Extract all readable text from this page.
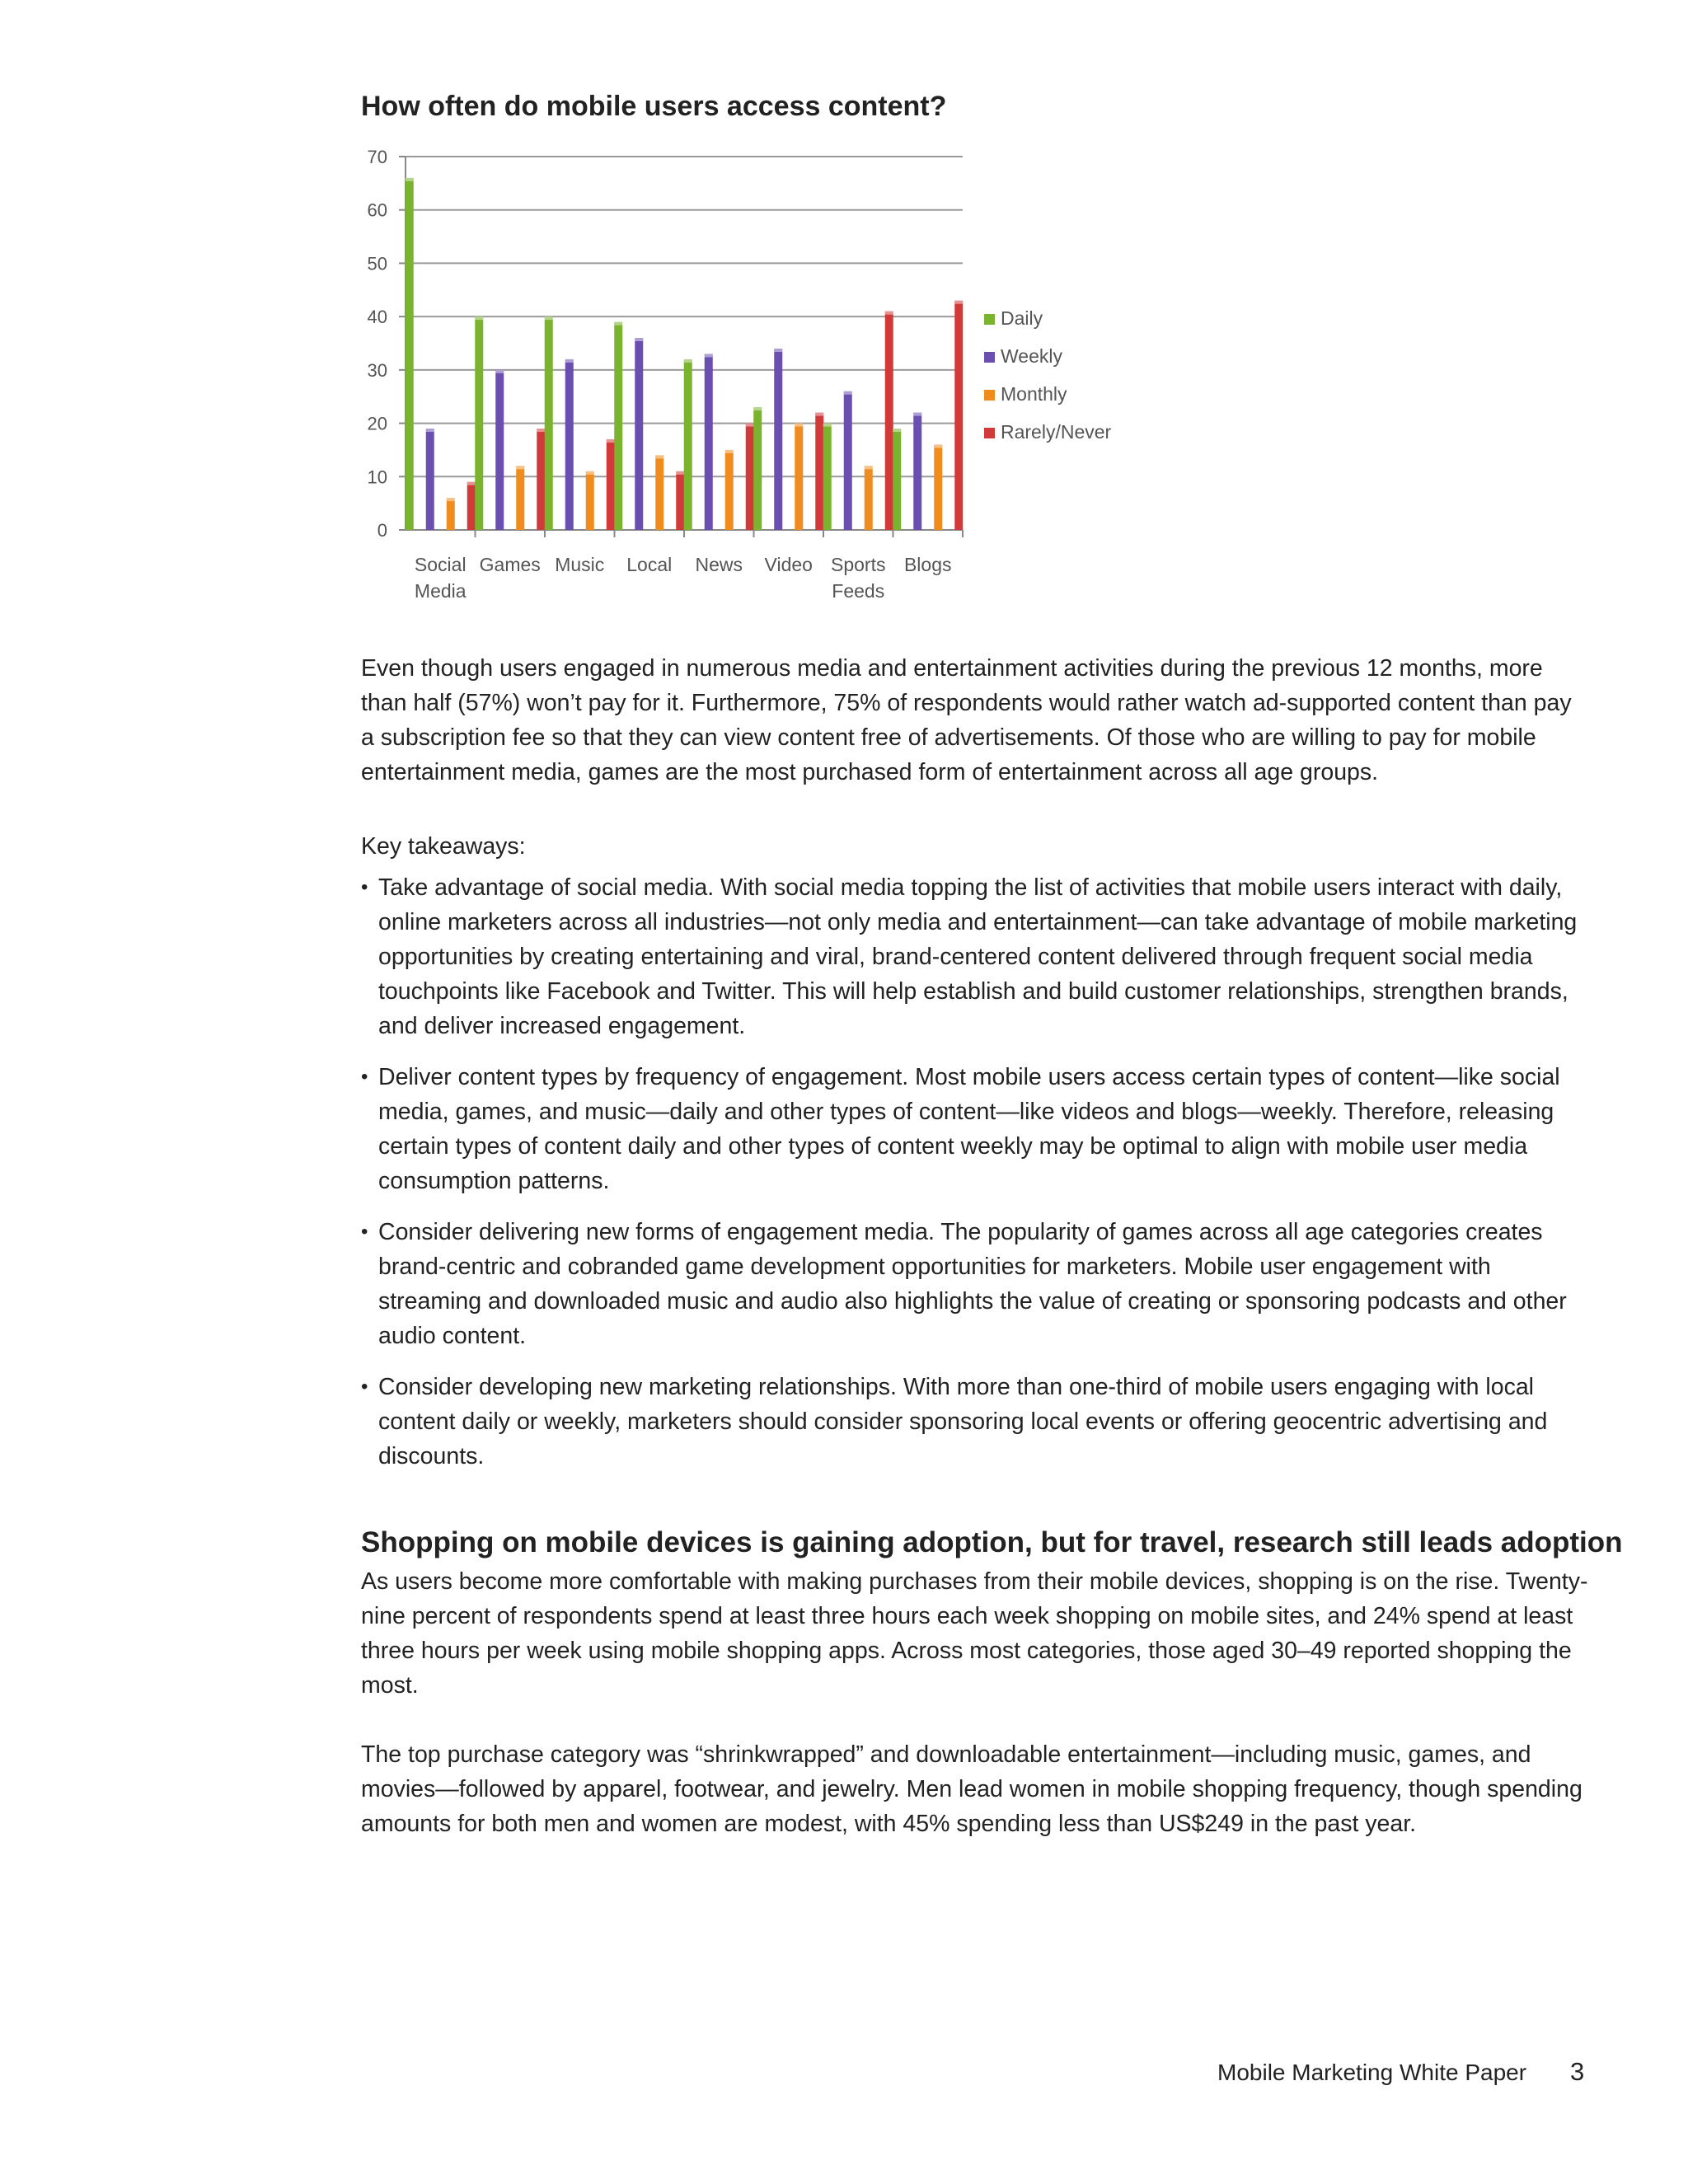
How often do mobile users access content?
0
10
20
30
40
50
60
70
Social Media
Games Music Local News Video Sports Feeds
Blogs
Daily
Weekly
Monthly
Rarely/Never

Even though users engaged in numerous media and entertainment activities during the previous 12 months, more than half (57%) won’t pay for it. Furthermore, 75% of respondents would rather watch ad-supported content than pay a subscription fee so that they can view content free of advertisements. Of those who are willing to pay for mobile entertainment media, games are the most purchased form of entertainment across all age groups.

Key takeaways:

• Take advantage of social media. With social media topping the list of activities that mobile users interact with daily, online marketers across all industries—not only media and entertainment—can take advantage of mobile marketing opportunities by creating entertaining and viral, brand-centered content delivered through frequent social media touchpoints like Facebook and Twitter. This will help establish and build customer relationships, strengthen brands, and deliver increased engagement.
• Deliver content types by frequency of engagement. Most mobile users access certain types of content—like social media, games, and music—daily and other types of content—like videos and blogs—weekly. Therefore, releasing certain types of content daily and other types of content weekly may be optimal to align with mobile user media consumption patterns.
• Consider delivering new forms of engagement media. The popularity of games across all age categories creates brand-centric and cobranded game development opportunities for marketers. Mobile user engagement with streaming and downloaded music and audio also highlights the value of creating or sponsoring podcasts and other audio content.
• Consider developing new marketing relationships. With more than one-third of mobile users engaging with local content daily or weekly, marketers should consider sponsoring local events or offering geocentric advertising and discounts.
Shopping on mobile devices is gaining adoption, but for travel, research still leads adoption

As users become more comfortable with making purchases from their mobile devices, shopping is on the rise. Twenty-nine percent of respondents spend at least three hours each week shopping on mobile sites, and 24% spend at least three hours per week using mobile shopping apps. Across most categories, those aged 30–49 reported shopping the most.

The top purchase category was “shrinkwrapped” and downloadable entertainment—including music, games, and movies—followed by apparel, footwear, and jewelry. Men lead women in mobile shopping frequency, though spending amounts for both men and women are modest, with 45% spending less than US$249 in the past year.

Mobile Marketing White Paper 3
